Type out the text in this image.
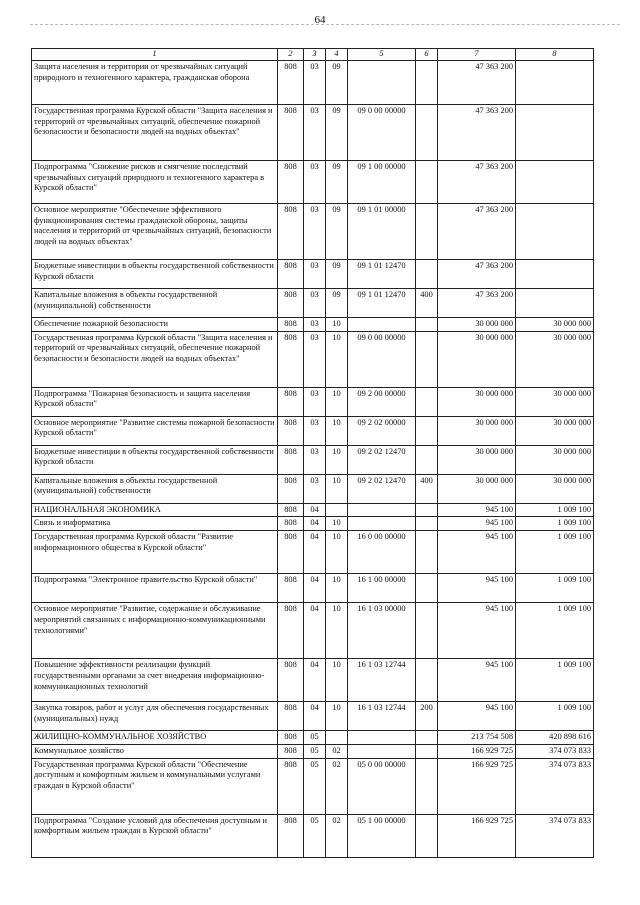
64
1	2	3	4	5	6	7	8
Защита населения и территории от чрезвычайных ситуаций природного и техногенного характера, гражданская оборона	808	03	09			47 363 200	
Государственная программа Курской области "Защита населения и территорий от чрезвычайных ситуаций, обеспечение пожарной безопасности и безопасности людей на водных объектах"	808	03	09	09 0 00 00000		47 363 200	
Подпрограмма "Снижение рисков и смягчение последствий чрезвычайных ситуаций природного и техногенного характера в Курской области"	808	03	09	09 1 00 00000		47 363 200	
Основное мероприятие "Обеспечение эффективного функционирования системы гражданской обороны, защиты населения и территорий от чрезвычайных ситуаций, безопасности людей на водных объектах"	808	03	09	09 1 01 00000		47 363 200	
Бюджетные инвестиции в объекты государственной собственности Курской области	808	03	09	09 1 01 12470		47 363 200	
Капитальные вложения в объекты государственной (муниципальной) собственности	808	03	09	09 1 01 12470	400	47 363 200	
Обеспечение пожарной безопасности	808	03	10			30 000 000	30 000 000
Государственная программа Курской области "Защита населения и территорий от чрезвычайных ситуаций, обеспечение пожарной безопасности и безопасности людей на водных объектах"	808	03	10	09 0 00 00000		30 000 000	30 000 000
Подпрограмма "Пожарная безопасность и защита населения Курской области"	808	03	10	09 2 00 00000		30 000 000	30 000 000
Основное мероприятие "Развитие системы пожарной безопасности Курской области"	808	03	10	09 2 02 00000		30 000 000	30 000 000
Бюджетные инвестиции в объекты государственной собственности Курской области	808	03	10	09 2 02 12470		30 000 000	30 000 000
Капитальные вложения в объекты государственной (муниципальной) собственности	808	03	10	09 2 02 12470	400	30 000 000	30 000 000
НАЦИОНАЛЬНАЯ ЭКОНОМИКА	808	04				945 100	1 009 100
Связь и информатика	808	04	10			945 100	1 009 100
Государственная программа Курской области "Развитие информационного общества в Курской области"	808	04	10	16 0 00 00000		945 100	1 009 100
Подпрограмма "Электронное правительство Курской области"	808	04	10	16 1 00 00000		945 100	1 009 100
Основное мероприятие "Развитие, содержание и обслуживание мероприятий связанных с информационно-коммуникационными технологиями"	808	04	10	16 1 03 00000		945 100	1 009 100
Повышение эффективности реализации функций государственными органами за счет внедрения информационно-коммуникационных технологий	808	04	10	16 1 03 12744		945 100	1 009 100
Закупка товаров, работ и услуг для обеспечения государственных (муниципальных) нужд	808	04	10	16 1 03 12744	200	945 100	1 009 100
ЖИЛИЩНО-КОММУНАЛЬНОЕ ХОЗЯЙСТВО	808	05				213 754 508	420 898 616
Коммунальное хозяйство	808	05	02			166 929 725	374 073 833
Государственная программа Курской области "Обеспечение доступным и комфортным жильем и коммунальными услугами граждан в Курской области"	808	05	02	05 0 00 00000		166 929 725	374 073 833
Подпрограмма "Создание условий для обеспечения доступным и комфортным жильем граждан в Курской области"	808	05	02	05 1 00 00000		166 929 725	374 073 833
